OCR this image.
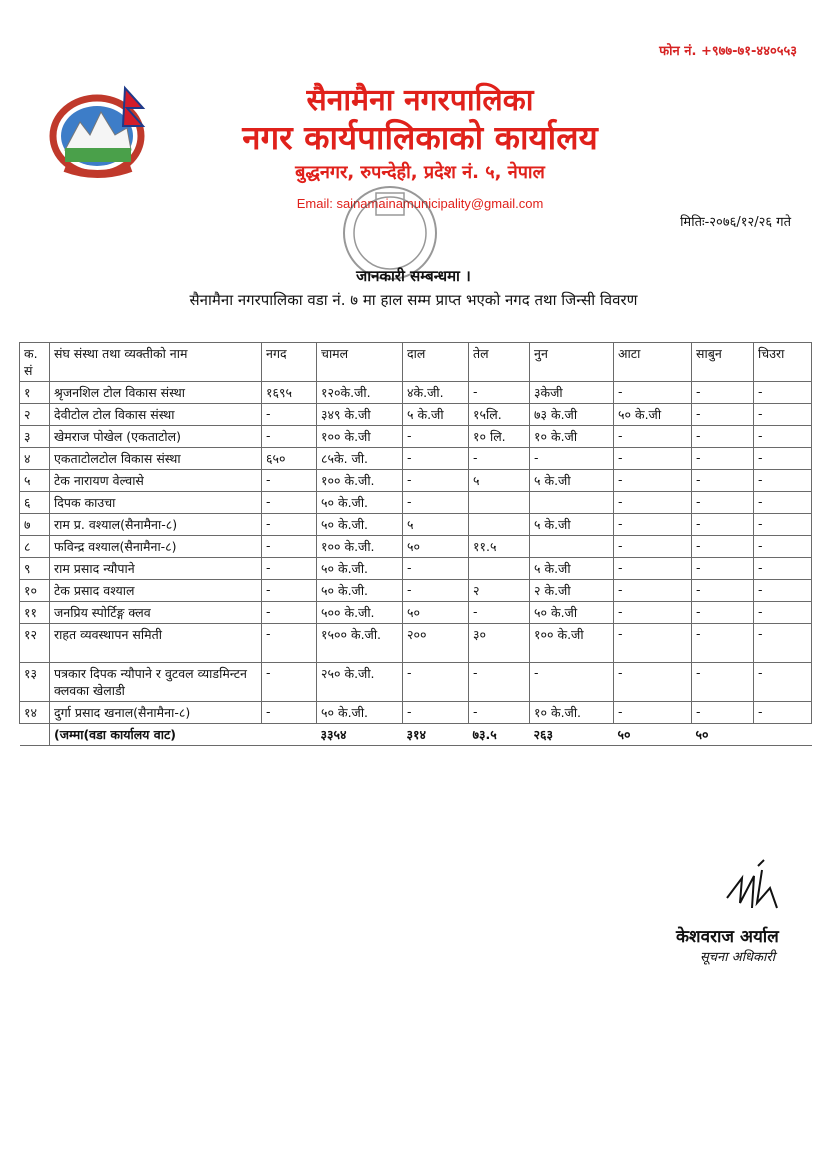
फोन नं. +९७७-७१-४४०५५३
सैनामैना नगरपालिका
नगर कार्यपालिकाको कार्यालय
बुद्धनगर, रुपन्देही, प्रदेश नं. ५, नेपाल
Email: sainamainamunicipality@gmail.com
मितिः-२०७६/१२/२६ गते
जानकारी सम्बन्धमा ।
सैनामैना नगरपालिका वडा नं. ७ मा हाल सम्म प्राप्त भएको नगद तथा जिन्सी विवरण
क. सं	संघ संस्था तथा व्यक्तीको नाम	नगद	चामल	दाल	तेल	नुन	आटा	साबुन	चिउरा
१	श्रृजनशिल टोल विकास संस्था	१६९५	१२०के.जी.	४के.जी.	-	३केजी	-	-	-
२	देवीटोल टोल विकास संस्था	-	३४९ के.जी	५ के.जी	१५लि.	७३ के.जी	५० के.जी	-	-
३	खेमराज पोखेल (एकताटोल)	-	१०० के.जी	-	१० लि.	१० के.जी	-	-	-
४	एकताटोलटोल विकास संस्था	६५०	८५के. जी.	-	-	-	-	-	-
५	टेक नारायण वेल्वासे	-	१०० के.जी.	-	५	५ के.जी	-	-	-
६	दिपक काउचा	-	५० के.जी.	-			-	-	-
७	राम प्र. वश्याल(सैनामैना-८)	-	५० के.जी.	५		५ के.जी	-	-	-
८	फविन्द्र वश्याल(सैनामैना-८)	-	१०० के.जी.	५०	११.५		-	-	-
९	राम प्रसाद न्यौपाने	-	५० के.जी.	-		५ के.जी	-	-	-
१०	टेक प्रसाद वश्याल	-	५० के.जी.	-	२	२ के.जी	-	-	-
११	जनप्रिय स्पोर्टिङ्ग क्लव	-	५०० के.जी.	५०	-	५० के.जी	-	-	-
१२	राहत व्यवस्थापन समिती	-	१५०० के.जी.	२००	३०	१०० के.जी	-	-	-
१३	पत्रकार दिपक न्यौपाने र वुटवल व्याडमिन्टन क्लवका खेलाडी	-	२५० के.जी.	-	-	-	-	-	-
१४	दुर्गा प्रसाद खनाल(सैनामैना-८)	-	५० के.जी.	-	-	१० के.जी.	-	-	-
	(जम्मा(वडा कार्यालय वाट)		३३५४	३१४	७३.५	२६३	५०	५०	
केशवराज अर्याल
सूचना अधिकारी
